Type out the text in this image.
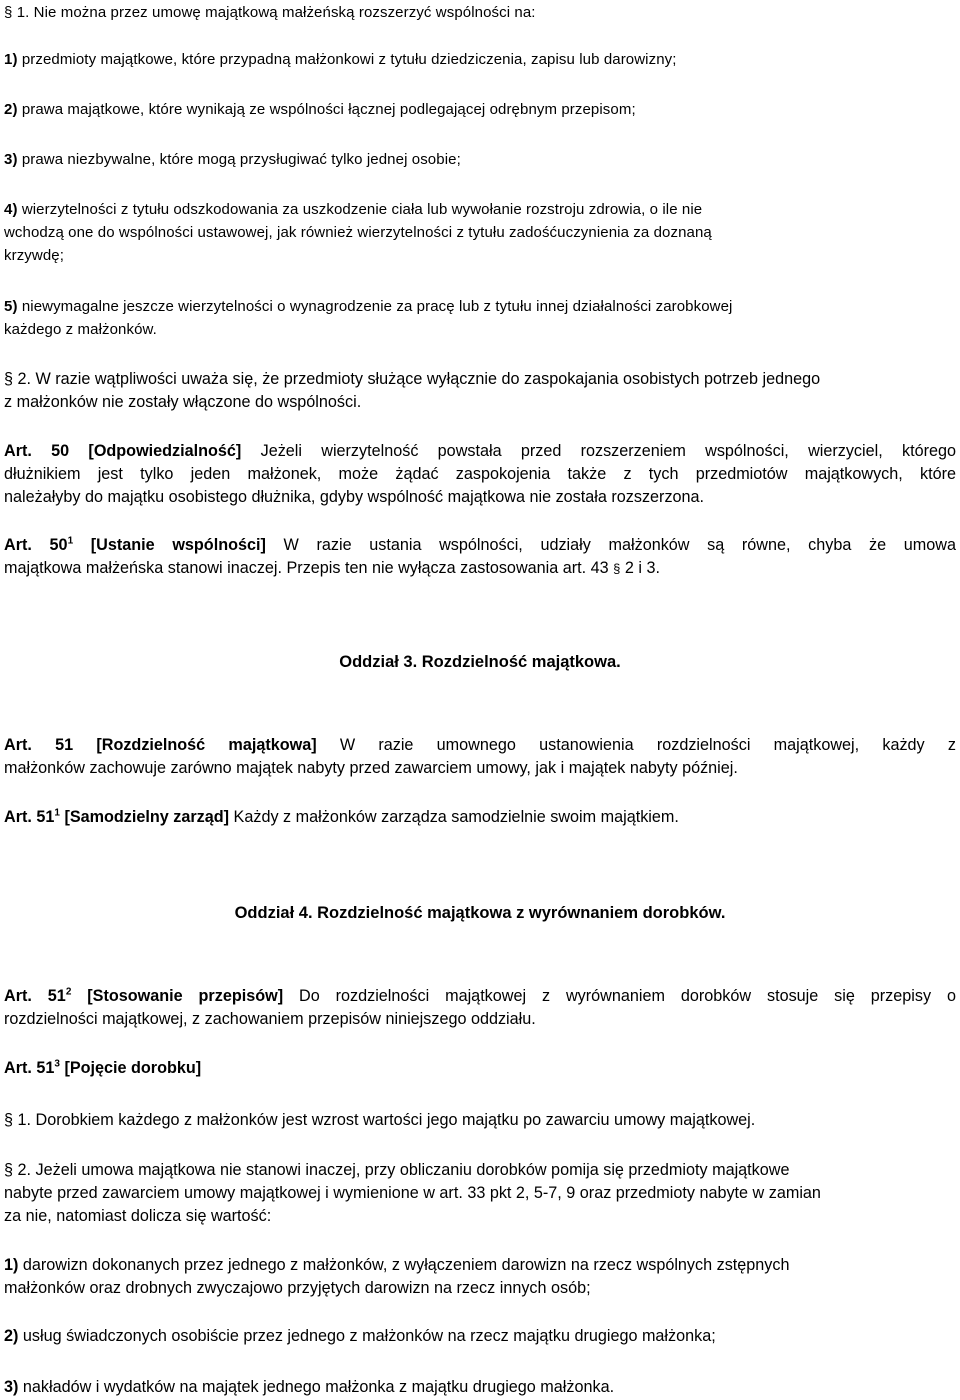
§ 1. Nie można przez umowę majątkową małżeńską rozszerzyć wspólności na:

1) przedmioty majątkowe, które przypadną małżonkowi z tytułu dziedziczenia, zapisu lub darowizny;

2) prawa majątkowe, które wynikają ze wspólności łącznej podlegającej odrębnym przepisom;

3) prawa niezbywalne, które mogą przysługiwać tylko jednej osobie;

4) wierzytelności z tytułu odszkodowania za uszkodzenie ciała lub wywołanie rozstroju zdrowia, o ile nie
wchodzą one do wspólności ustawowej, jak również wierzytelności z tytułu zadośćuczynienia za doznaną
krzywdę;
5) niewymagalne jeszcze wierzytelności o wynagrodzenie za pracę lub z tytułu innej działalności zarobkowej
każdego z małżonków.
§ 2. W razie wątpliwości uważa się, że przedmioty służące wyłącznie do zaspokajania osobistych potrzeb jednego
z małżonków nie zostały włączone do wspólności.
Art. 50 [Odpowiedzialność] Jeżeli wierzytelność powstała przed rozszerzeniem wspólności, wierzyciel, którego
dłużnikiem jest tylko jeden małżonek, może żądać zaspokojenia także z tych przedmiotów majątkowych, które
należałyby do majątku osobistego dłużnika, gdyby wspólność majątkowa nie została rozszerzona.
Art. $50^1$ [Ustanie wspólności] W razie ustania wspólności, udziały małżonków są równe, chyba że umowa
majątkowa małżeńska stanowi inaczej. Przepis ten nie wyłącza zastosowania art. 43 § 2 i 3.

Oddział 3. Rozdzielność majątkowa.

Art. 51 [Rozdzielność majątkowa] W razie umownego ustanowienia rozdzielności majątkowej, każdy z
małżonków zachowuje zarówno majątek nabyty przed zawarciem umowy, jak i majątek nabyty później.

Art. $51^1$ [Samodzielny zarząd] Każdy z małżonków zarządza samodzielnie swoim majątkiem.

Oddział 4. Rozdzielność majątkowa z wyrównaniem dorobków.

Art. $51^2$ [Stosowanie przepisów] Do rozdzielności majątkowej z wyrównaniem dorobków stosuje się przepisy o
rozdzielności majątkowej, z zachowaniem przepisów niniejszego oddziału.

Art. $51^3$ [Pojęcie dorobku]

§ 1. Dorobkiem każdego z małżonków jest wzrost wartości jego majątku po zawarciu umowy majątkowej.

§ 2. Jeżeli umowa majątkowa nie stanowi inaczej, przy obliczaniu dorobków pomija się przedmioty majątkowe
nabyte przed zawarciem umowy majątkowej i wymienione w art. 33 pkt 2, 5-7, 9 oraz przedmioty nabyte w zamian
za nie, natomiast dolicza się wartość:
1) darowizn dokonanych przez jednego z małżonków, z wyłączeniem darowizn na rzecz wspólnych zstępnych
małżonków oraz drobnych zwyczajowo przyjętych darowizn na rzecz innych osób;

2) usług świadczonych osobiście przez jednego z małżonków na rzecz majątku drugiego małżonka;

3) nakładów i wydatków na majątek jednego małżonka z majątku drugiego małżonka.
